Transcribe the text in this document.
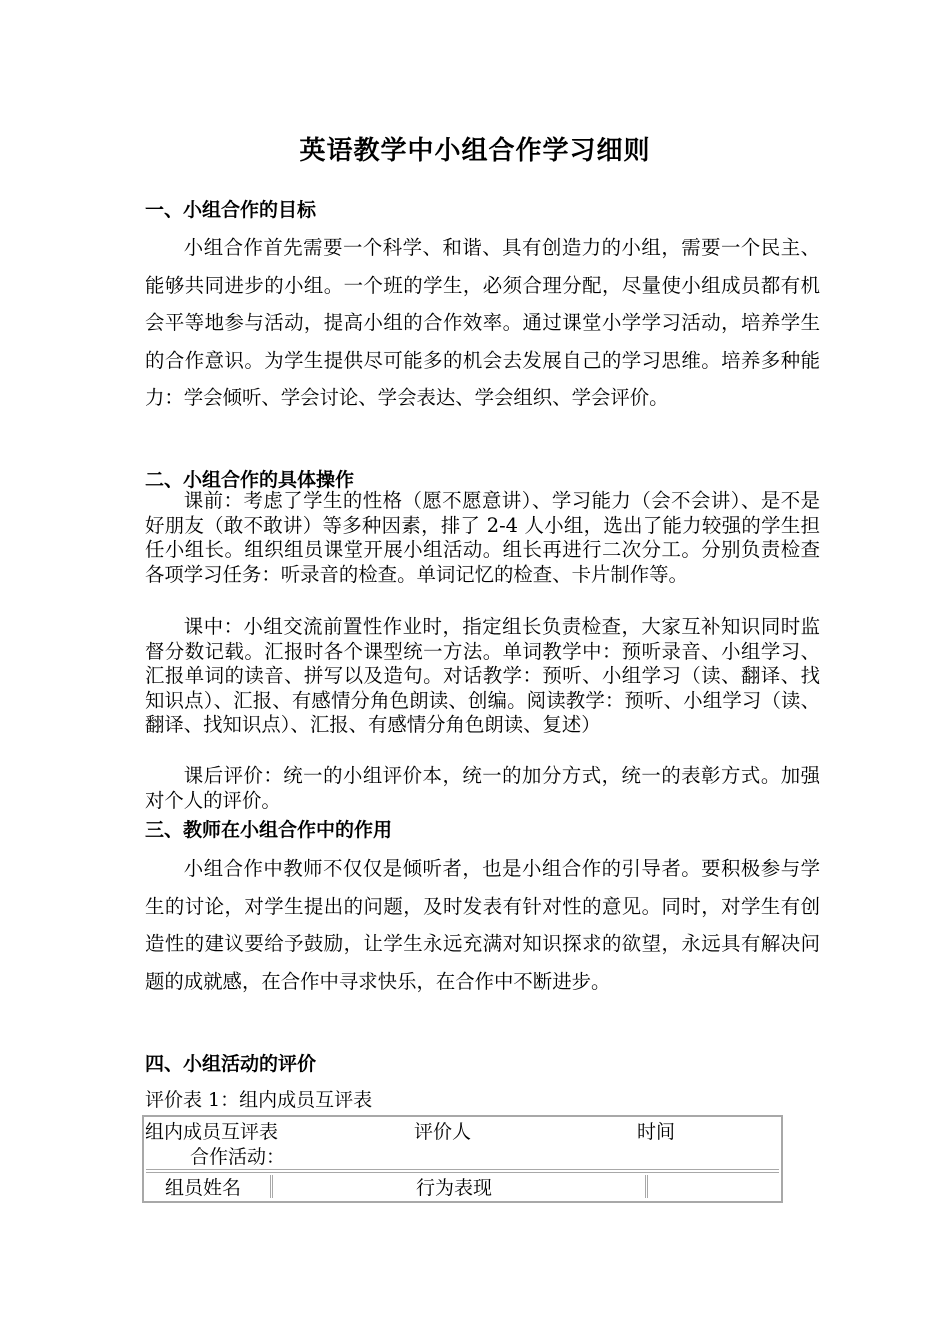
英语教学中小组合作学习细则
一、小组合作的目标

小组合作首先需要一个科学、和谐、具有创造力的小组，需要一个民主、能够共同进步的小组。一个班的学生，必须合理分配，尽量使小组成员都有机会平等地参与活动，提高小组的合作效率。通过课堂小学学习活动，培养学生的合作意识。为学生提供尽可能多的机会去发展自己的学习思维。培养多种能力：学会倾听、学会讨论、学会表达、学会组织、学会评价。

二、小组合作的具体操作

课前：考虑了学生的性格（愿不愿意讲）、学习能力（会不会讲）、是不是好朋友（敢不敢讲）等多种因素，排了 2-4 人小组，选出了能力较强的学生担任小组长。组织组员课堂开展小组活动。组长再进行二次分工。分别负责检查各项学习任务：听录音的检查。单词记忆的检查、卡片制作等。

课中：小组交流前置性作业时，指定组长负责检查，大家互补知识同时监督分数记载。汇报时各个课型统一方法。单词教学中：预听录音、小组学习、汇报单词的读音、拼写以及造句。对话教学：预听、小组学习（读、翻译、找知识点）、汇报、有感情分角色朗读、创编。阅读教学：预听、小组学习（读、翻译、找知识点）、汇报、有感情分角色朗读、复述）

课后评价：统一的小组评价本，统一的加分方式，统一的表彰方式。加强对个人的评价。

三、教师在小组合作中的作用

小组合作中教师不仅仅是倾听者，也是小组合作的引导者。要积极参与学生的讨论，对学生提出的问题，及时发表有针对性的意见。同时，对学生有创造性的建议要给予鼓励，让学生永远充满对知识探求的欲望，永远具有解决问题的成就感，在合作中寻求快乐，在合作中不断进步。

四、小组活动的评价

评价表 1：组内成员互评表

组内成员互评表	评价人	时间
合作活动：
组员姓名	行为表现
